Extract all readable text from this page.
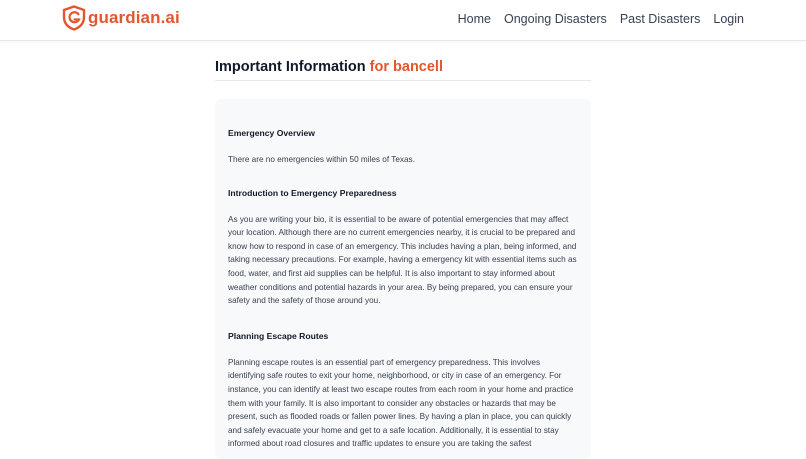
guardian.ai	Home Ongoing Disasters Past Disasters Login
Important Information for bancell

Emergency Overview

There are no emergencies within 50 miles of Texas.

Introduction to Emergency Preparedness

As you are writing your bio, it is essential to be aware of potential emergencies that may affect your location. Although there are no current emergencies nearby, it is crucial to be prepared and know how to respond in case of an emergency. This includes having a plan, being informed, and taking necessary precautions. For example, having a emergency kit with essential items such as food, water, and first aid supplies can be helpful. It is also important to stay informed about weather conditions and potential hazards in your area. By being prepared, you can ensure your safety and the safety of those around you.

Planning Escape Routes

Planning escape routes is an essential part of emergency preparedness. This involves identifying safe routes to exit your home, neighborhood, or city in case of an emergency. For instance, you can identify at least two escape routes from each room in your home and practice them with your family. It is also important to consider any obstacles or hazards that may be present, such as flooded roads or fallen power lines. By having a plan in place, you can quickly and safely evacuate your home and get to a safe location. Additionally, it is essential to stay informed about road closures and traffic updates to ensure you are taking the safest
